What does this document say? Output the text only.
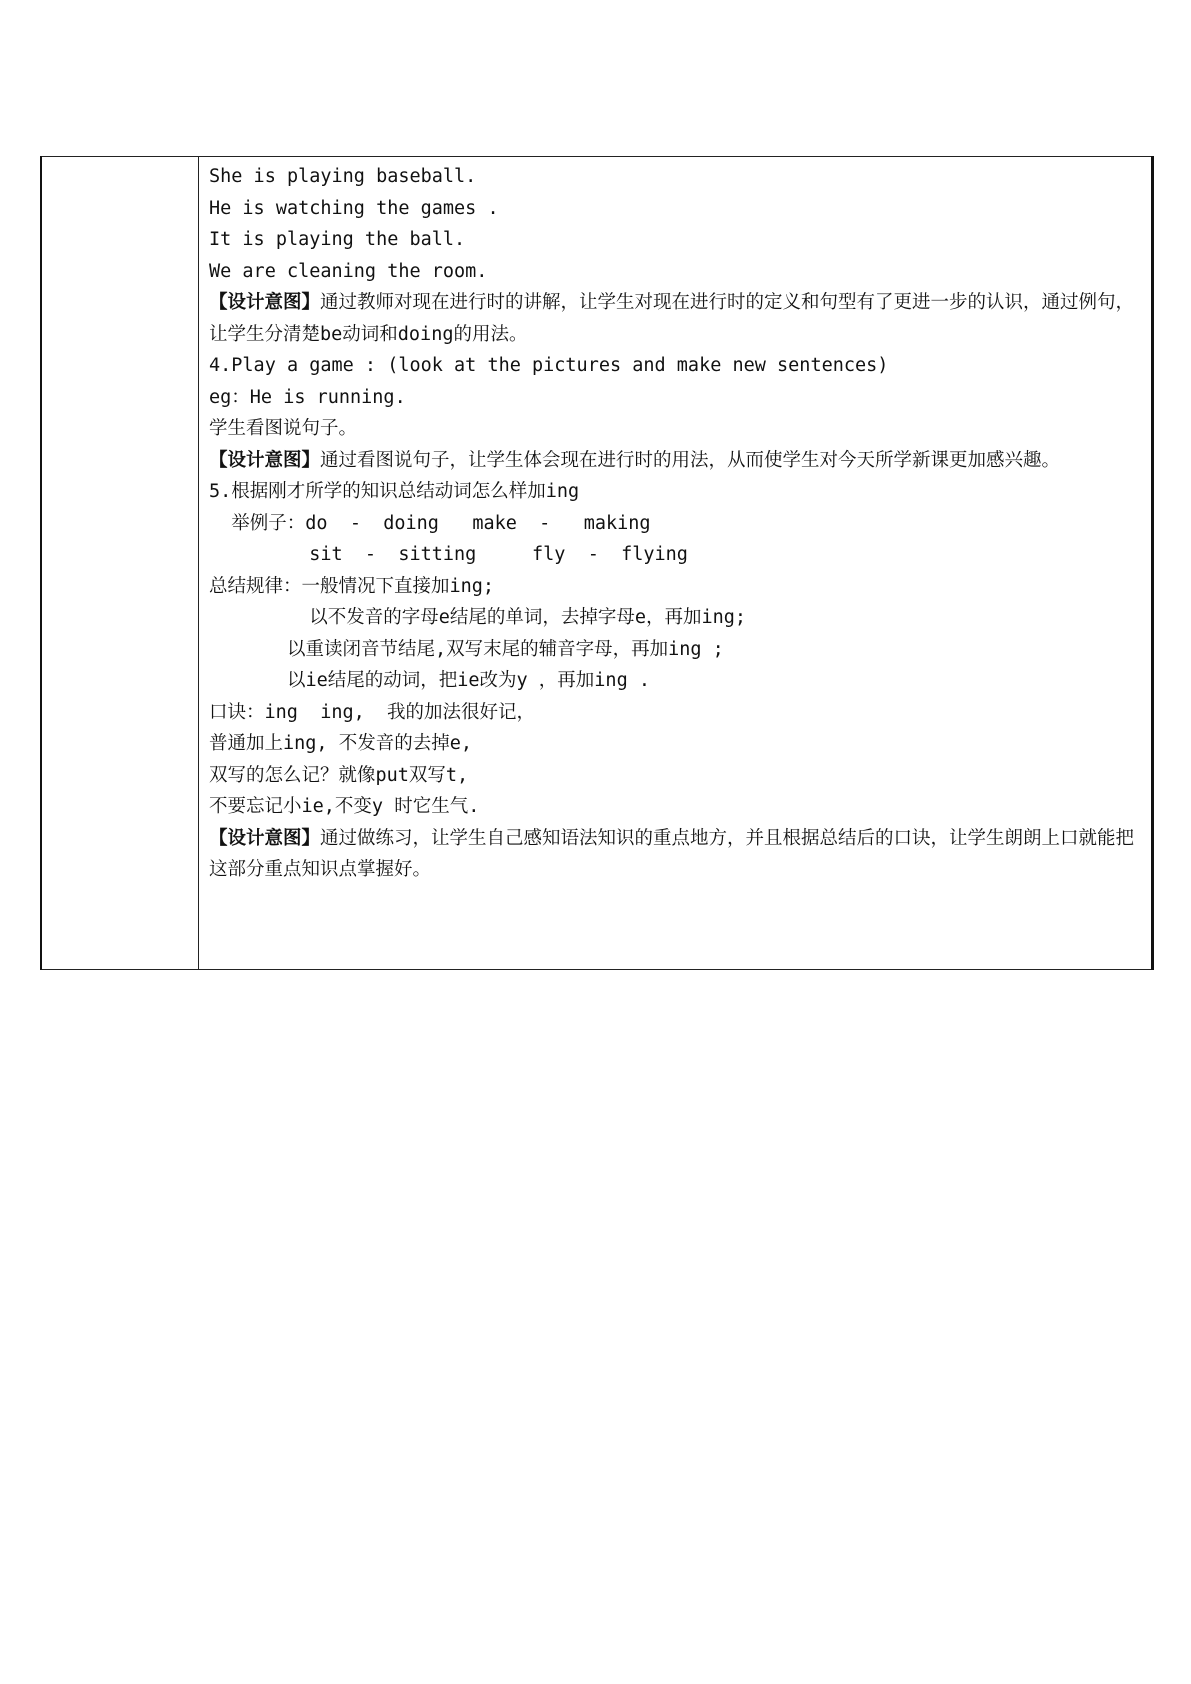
She is playing baseball.
He is watching the games .
It is playing the ball.
We are cleaning the room.
【设计意图】通过教师对现在进行时的讲解，让学生对现在进行时的定义和句型有了更进一步的认识，通过例句，让学生分清楚be动词和doing的用法。
4.Play a game : (look at the pictures and make new sentences)
eg：He is running.
学生看图说句子。
【设计意图】通过看图说句子，让学生体会现在进行时的用法，从而使学生对今天所学新课更加感兴趣。
5.根据刚才所学的知识总结动词怎么样加ing
举例子：do  -  doing   make  -   making
sit  -  sitting     fly  -  flying
总结规律：一般情况下直接加ing;
以不发音的字母e结尾的单词，去掉字母e，再加ing;
以重读闭音节结尾,双写末尾的辅音字母，再加ing ;
以ie结尾的动词，把ie改为y ，再加ing .
口诀：ing  ing,  我的加法很好记，
普通加上ing, 不发音的去掉e,
双写的怎么记？就像put双写t,
不要忘记小ie,不变y 时它生气.
【设计意图】通过做练习，让学生自己感知语法知识的重点地方，并且根据总结后的口诀，让学生朗朗上口就能把这部分重点知识点掌握好。
